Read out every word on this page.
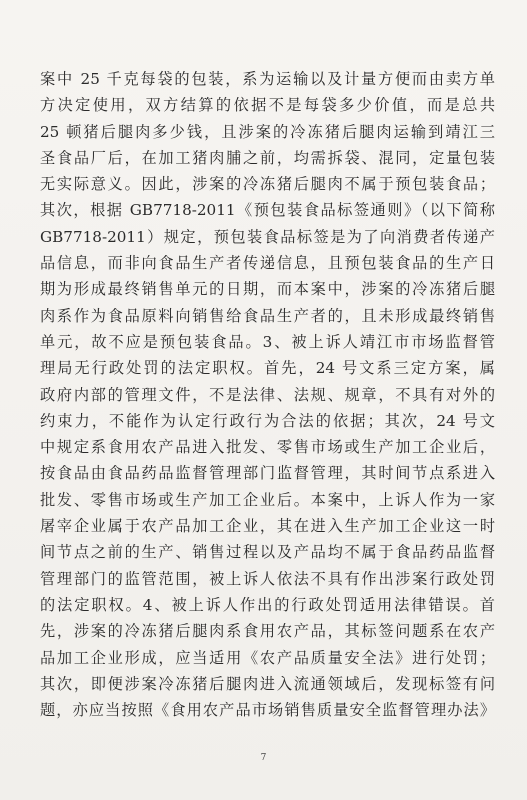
案中 25 千克每袋的包装，系为运输以及计量方便而由卖方单
方决定使用，双方结算的依据不是每袋多少价值，而是总共
25 顿猪后腿肉多少钱，且涉案的冷冻猪后腿肉运输到靖江三
圣食品厂后，在加工猪肉脯之前，均需拆袋、混同，定量包装
无实际意义。因此，涉案的冷冻猪后腿肉不属于预包装食品；
其次，根据 GB7718-2011《预包装食品标签通则》（以下简称
GB7718-2011）规定，预包装食品标签是为了向消费者传递产
品信息，而非向食品生产者传递信息，且预包装食品的生产日
期为形成最终销售单元的日期，而本案中，涉案的冷冻猪后腿
肉系作为食品原料向销售给食品生产者的，且未形成最终销售
单元，故不应是预包装食品。3、被上诉人靖江市市场监督管
理局无行政处罚的法定职权。首先，24 号文系三定方案，属
政府内部的管理文件，不是法律、法规、规章，不具有对外的
约束力，不能作为认定行政行为合法的依据；其次，24 号文
中规定系食用农产品进入批发、零售市场或生产加工企业后，
按食品由食品药品监督管理部门监督管理，其时间节点系进入
批发、零售市场或生产加工企业后。本案中，上诉人作为一家
屠宰企业属于农产品加工企业，其在进入生产加工企业这一时
间节点之前的生产、销售过程以及产品均不属于食品药品监督
管理部门的监管范围，被上诉人依法不具有作出涉案行政处罚
的法定职权。4、被上诉人作出的行政处罚适用法律错误。首
先，涉案的冷冻猪后腿肉系食用农产品，其标签问题系在农产
品加工企业形成，应当适用《农产品质量安全法》进行处罚；
其次，即便涉案冷冻猪后腿肉进入流通领域后，发现标签有问
题，亦应当按照《食用农产品市场销售质量安全监督管理办法》
7
